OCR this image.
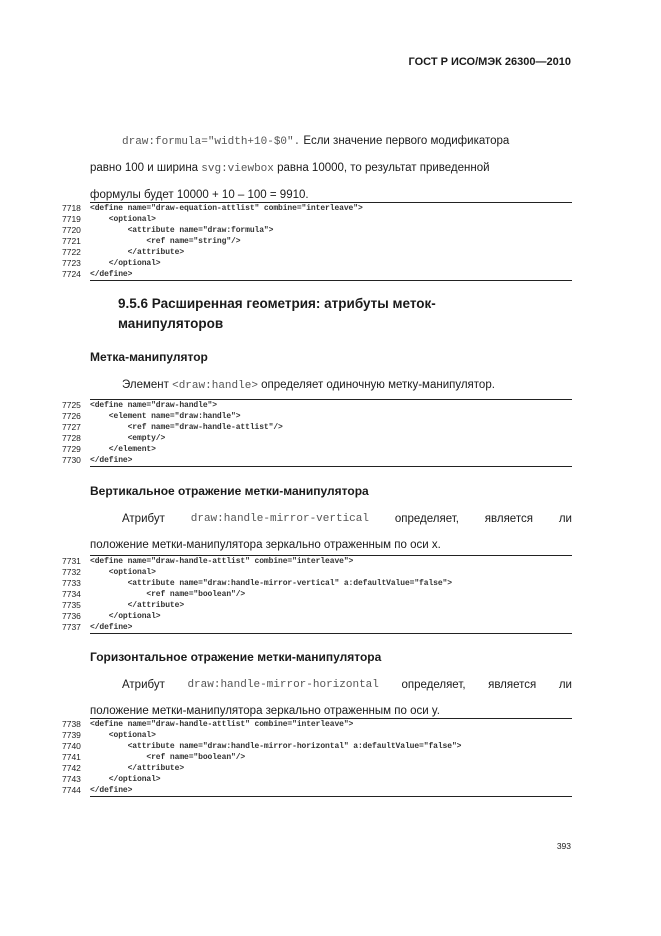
ГОСТ Р ИСО/МЭК 26300—2010
draw:formula="width+10-$0". Если значение первого модификатора
равно 100 и ширина svg:viewbox равна 10000, то результат приведенной
формулы будет 10000 + 10 – 100 = 9910.
7718	<define name="draw-equation-attlist" combine="interleave">
7719	<optional>
7720	<attribute name="draw:formula">
7721	<ref name="string"/>
7722	</attribute>
7723	</optional>
7724	</define>
9.5.6 Расширенная геометрия: атрибуты меток-манипуляторов
Метка-манипулятор
Элемент <draw:handle> определяет одиночную метку-манипулятор.
7725	<define name="draw-handle">
7726	<element name="draw:handle">
7727	<ref name="draw-handle-attlist"/>
7728	<empty/>
7729	</element>
7730	</define>
Вертикальное отражение метки-манипулятора
Атрибут draw:handle-mirror-vertical определяет, является ли
положение метки-манипулятора зеркально отраженным по оси x.
7731	<define name="draw-handle-attlist" combine="interleave">
7732	<optional>
7733	<attribute name="draw:handle-mirror-vertical" a:defaultValue="false">
7734	<ref name="boolean"/>
7735	</attribute>
7736	</optional>
7737	</define>
Горизонтальное отражение метки-манипулятора
Атрибут draw:handle-mirror-horizontal определяет, является ли
положение метки-манипулятора зеркально отраженным по оси y.
7738	<define name="draw-handle-attlist" combine="interleave">
7739	<optional>
7740	<attribute name="draw:handle-mirror-horizontal" a:defaultValue="false">
7741	<ref name="boolean"/>
7742	</attribute>
7743	</optional>
7744	</define>
393
